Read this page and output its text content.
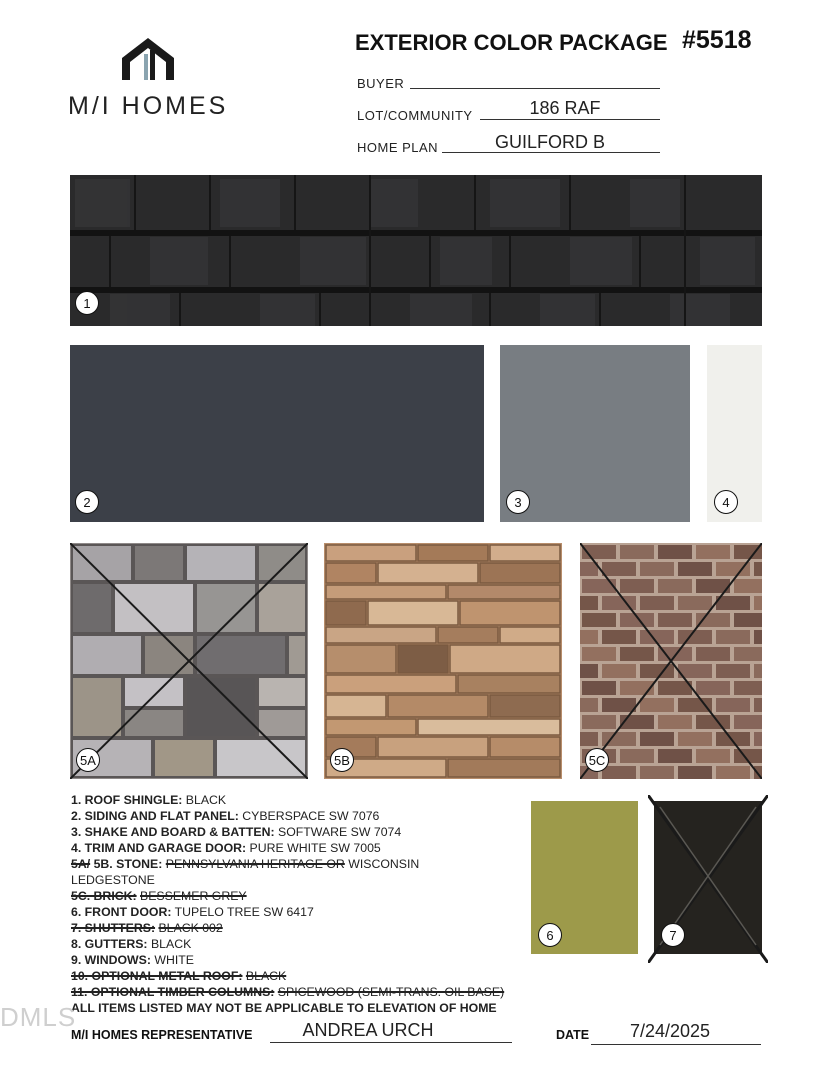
M/I HOMES
EXTERIOR COLOR PACKAGE #5518
BUYER
LOT/COMMUNITY	186 RAF
HOME PLAN	GUILFORD B
1
2	3	4
5A	5B	5C
1. ROOF SHINGLE: BLACK
2. SIDING AND FLAT PANEL: CYBERSPACE SW 7076
3. SHAKE AND BOARD & BATTEN: SOFTWARE SW 7074
4. TRIM AND GARAGE DOOR: PURE WHITE SW 7005
5A/ 5B. STONE: PENNSYLVANIA HERITAGE OR WISCONSIN
LEDGESTONE
5C. BRICK: BESSEMER GREY
6. FRONT DOOR: TUPELO TREE SW 6417
7. SHUTTERS: BLACK 002
8. GUTTERS: BLACK
9. WINDOWS: WHITE
10. OPTIONAL METAL ROOF: BLACK
11. OPTIONAL TIMBER COLUMNS: SPICEWOOD (SEMI-TRANS. OIL BASE)
6	7
ALL ITEMS LISTED MAY NOT BE APPLICABLE TO ELEVATION OF HOME
M/I HOMES REPRESENTATIVE	ANDREA URCH	DATE	7/24/2025
DMLS
